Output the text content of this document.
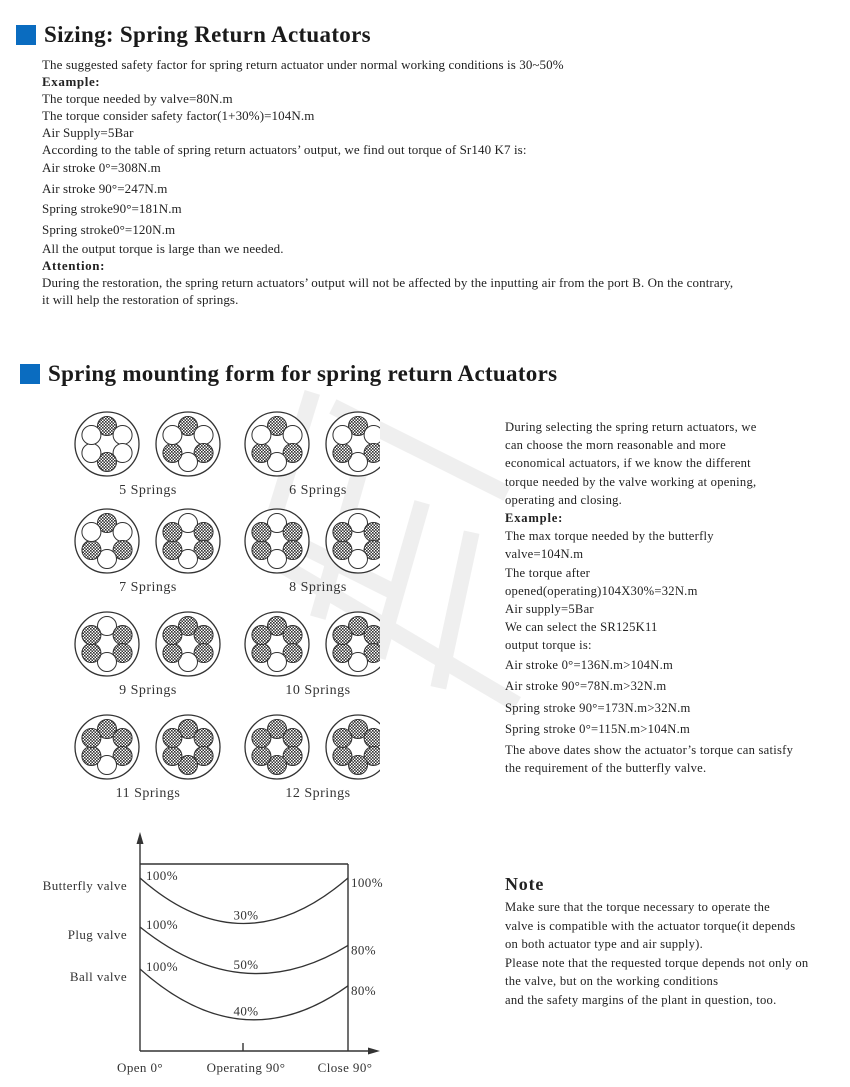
Sizing: Spring Return Actuators
The suggested safety factor for spring return actuator under normal working conditions is 30~50%
Example:
The torque needed by valve=80N.m
The torque consider safety factor(1+30%)=104N.m
Air Supply=5Bar
According to the table of spring return actuators’ output, we find out torque of Sr140 K7 is:
Air stroke 0°=308N.m
Air stroke 90°=247N.m
Spring stroke90°=181N.m
Spring stroke0°=120N.m
All the output torque is large than we needed.
Attention:
During the restoration, the spring return actuators’ output will not be affected by the inputting air from the port B. On the contrary,
it will help the restoration of springs.
Spring mounting form for spring return Actuators
5 Springs	6 Springs
7 Springs	8 Springs
9 Springs	10 Springs
11 Springs	12 Springs
During selecting the spring return actuators, we
can choose the morn reasonable and more
economical actuators, if we know the different
torque needed by the valve working at opening,
operating and closing.
Example:
The max torque needed by the butterfly
valve=104N.m
The torque after
opened(operating)104X30%=32N.m
Air supply=5Bar
We can select the SR125K11
output torque is:
Air stroke 0°=136N.m>104N.m
Air stroke 90°=78N.m>32N.m
Spring stroke 90°=173N.m>32N.m
Spring stroke 0°=115N.m>104N.m
The above dates show the actuator’s torque can satisfy
the requirement of the butterfly valve.
Butterfly valve
100%
30%
100%
Plug valve
100%
50%
80%
Ball valve
100%
40%
80%
Open 0°	Operating 90° Close 90°
Note
Make sure that the torque necessary to operate the
valve is compatible with the actuator torque(it depends
on both actuator type and air supply).
Please note that the requested torque depends not only on
the valve, but on the working conditions
and the safety margins of the plant in question, too.
